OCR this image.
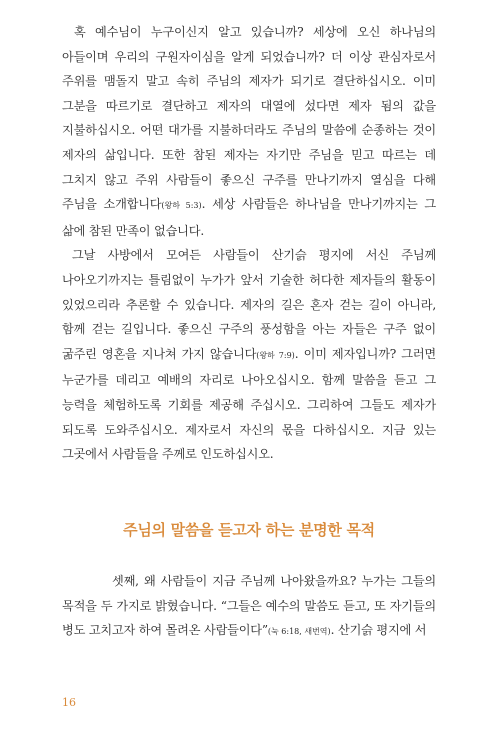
혹 예수님이 누구이신지 알고 있습니까? 세상에 오신 하나님의 아들이며 우리의 구원자이심을 알게 되었습니까? 더 이상 관심자로서 주위를 맴돌지 말고 속히 주님의 제자가 되기로 결단하십시오. 이미 그분을 따르기로 결단하고 제자의 대열에 섰다면 제자 됨의 값을 지불하십시오. 어떤 대가를 지불하더라도 주님의 말씀에 순종하는 것이 제자의 삶입니다. 또한 참된 제자는 자기만 주님을 믿고 따르는 데 그치지 않고 주위 사람들이 좋으신 구주를 만나기까지 열심을 다해 주님을 소개합니다(왕하 5:3). 세상 사람들은 하나님을 만나기까지는 그 삶에 참된 만족이 없습니다.

그날 사방에서 모여든 사람들이 산기슭 평지에 서신 주님께 나아오기까지는 틀림없이 누가가 앞서 기술한 허다한 제자들의 활동이 있었으리라 추론할 수 있습니다. 제자의 길은 혼자 걷는 길이 아니라, 함께 걷는 길입니다. 좋으신 구주의 풍성함을 아는 자들은 구주 없이 굶주린 영혼을 지나쳐 가지 않습니다(왕하 7:9). 이미 제자입니까? 그러면 누군가를 데리고 예배의 자리로 나아오십시오. 함께 말씀을 듣고 그 능력을 체험하도록 기회를 제공해 주십시오. 그리하여 그들도 제자가 되도록 도와주십시오. 제자로서 자신의 몫을 다하십시오. 지금 있는 그곳에서 사람들을 주께로 인도하십시오.

주님의 말씀을 듣고자 하는 분명한 목적

셋째, 왜 사람들이 지금 주님께 나아왔을까요? 누가는 그들의 목적을 두 가지로 밝혔습니다. “그들은 예수의 말씀도 듣고, 또 자기들의 병도 고치고자 하여 몰려온 사람들이다”(눅 6:18, 새번역). 산기슭 평지에 서

16
